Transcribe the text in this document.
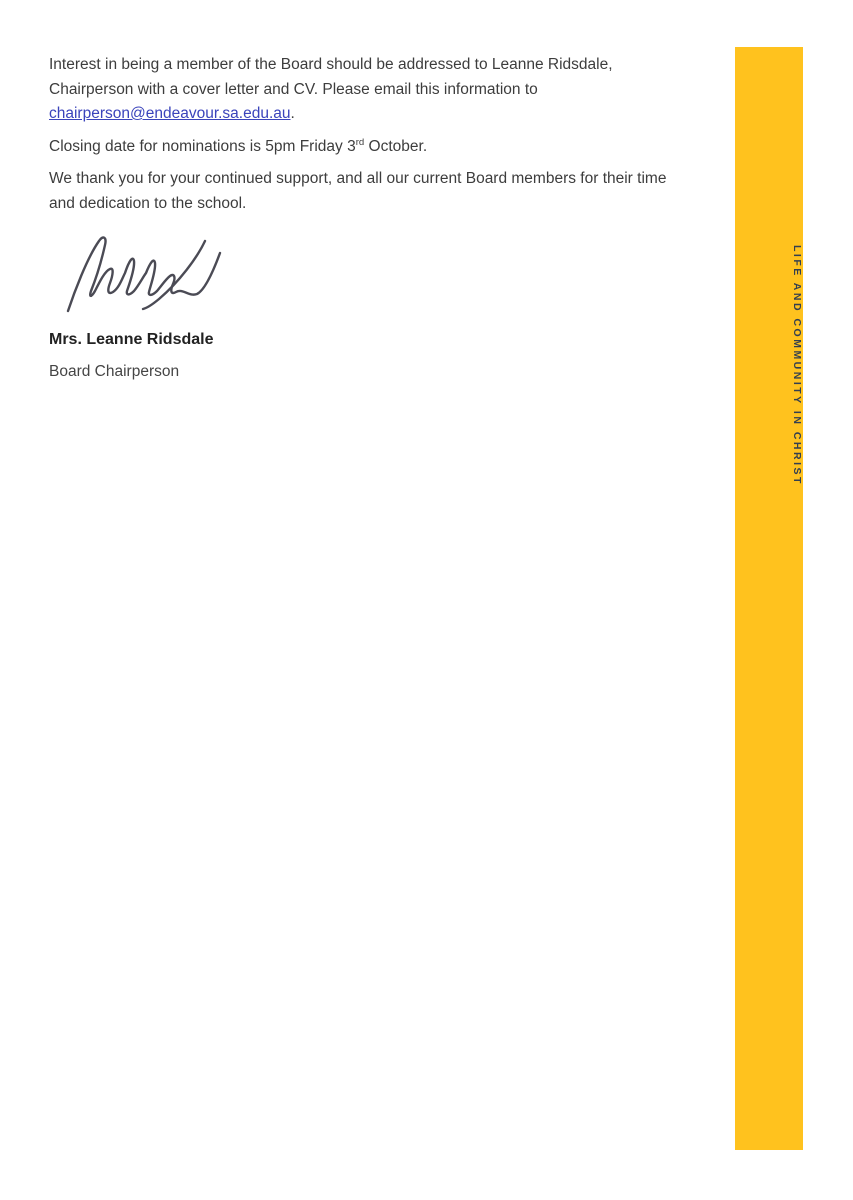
Interest in being a member of the Board should be addressed to Leanne Ridsdale,
Chairperson with a cover letter and CV. Please email this information to
chairperson@endeavour.sa.edu.au.

Closing date for nominations is 5pm Friday 3rd October.

We thank you for your continued support, and all our current Board members for their time
and dedication to the school.

Mrs. Leanne Ridsdale

Board Chairperson	LIFE AND COMMUNITY IN CHRIST
